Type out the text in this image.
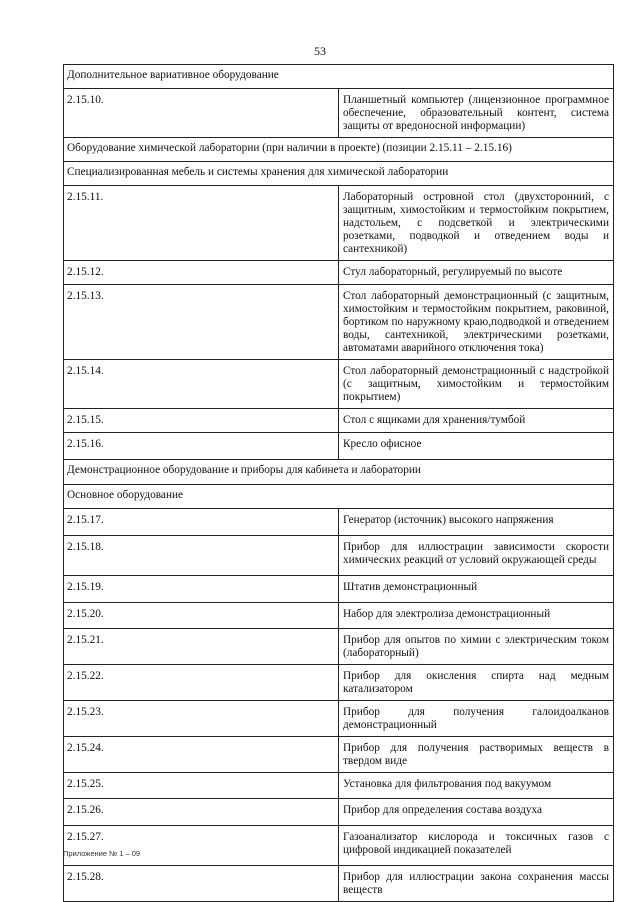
53
Дополнительное вариативное оборудование	
2.15.10.	Планшетный компьютер (лицензионное программное обеспечение, образовательный контент, система защиты от вредоносной информации)
Оборудование химической лаборатории (при наличии в проекте) (позиции 2.15.11 – 2.15.16)	
Специализированная мебель и системы хранения для химической лаборатории	
2.15.11.	Лабораторный островной стол (двухсторонний, с защитным, химостойким и термостойким покрытием, надстольем, с подсветкой и электрическими розетками, подводкой и отведением воды и сантехникой)
2.15.12.	Стул лабораторный, регулируемый по высоте
2.15.13.	Стол лабораторный демонстрационный (с защитным, химостойким и термостойким покрытием, раковиной, бортиком по наружному краю,подводкой и отведением воды, сантехникой, электрическими розетками, автоматами аварийного отключения тока)
2.15.14.	Стол лабораторный демонстрационный с надстройкой (с защитным, химостойким и термостойким покрытием)
2.15.15.	Стол с ящиками для хранения/тумбой
2.15.16.	Кресло офисное
Демонстрационное оборудование и приборы для кабинета и лаборатории	
Основное оборудование	
2.15.17.	Генератор (источник) высокого напряжения
2.15.18.	Прибор для иллюстрации зависимости скорости химических реакций от условий окружающей среды
2.15.19.	Штатив демонстрационный
2.15.20.	Набор для электролиза демонстрационный
2.15.21.	Прибор для опытов по химии с электрическим током (лабораторный)
2.15.22.	Прибор для окисления спирта над медным катализатором
2.15.23.	Прибор для получения галоидоалканов демонстрационный
2.15.24.	Прибор для получения растворимых веществ в твердом виде
2.15.25.	Установка для фильтрования под вакуумом
2.15.26.	Прибор для определения состава воздуха
2.15.27.	Газоанализатор кислорода и токсичных газов с цифровой индикацией показателей
2.15.28.	Прибор для иллюстрации закона сохранения массы веществ
Приложение № 1 – 09
